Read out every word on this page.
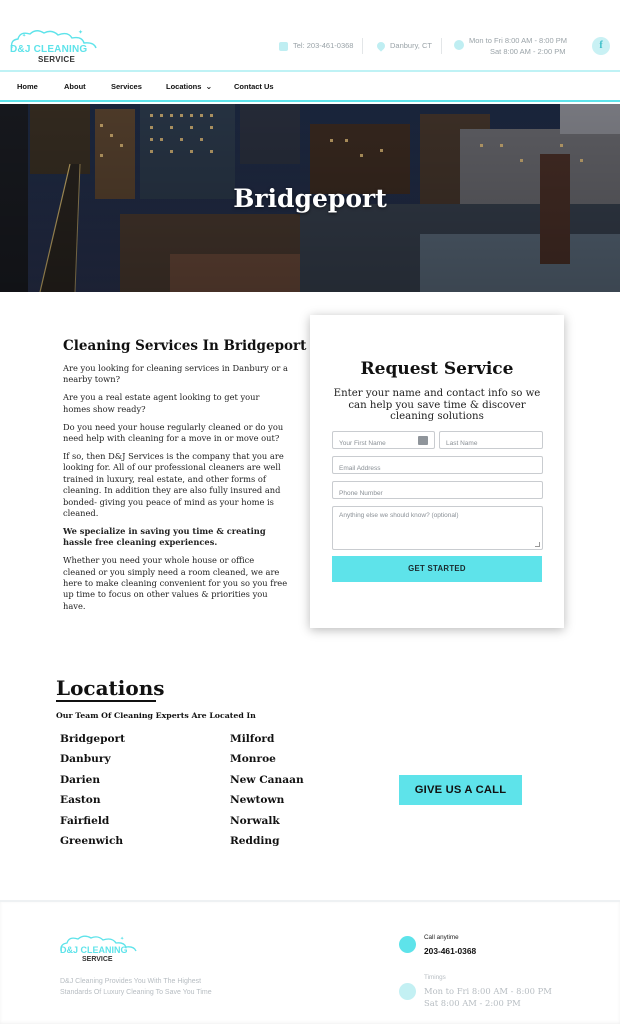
✦
✦
D&J CLEANING
SERVICE
Tel: 203-461-0368	Danbury, CT
Mon to Fri 8:00 AM - 8:00 PM
Sat 8:00 AM - 2:00 PM
f
Home	About	Services	Locations ⌄	Contact Us
Bridgeport
Cleaning Services In Bridgeport

Are you looking for cleaning services in Danbury or a nearby town?

Are you a real estate agent looking to get your homes show ready?

Do you need your house regularly cleaned or do you need help with cleaning for a move in or move out?

If so, then D&J Services is the company that you are looking for. All of our professional cleaners are well trained in luxury, real estate, and other forms of cleaning. In addition they are also fully insured and bonded- giving you peace of mind as your home is cleaned.

We specialize in saving you time & creating hassle free cleaning experiences.

Whether you need your whole house or office cleaned or you simply need a room cleaned, we are here to make cleaning convenient for you so you free up time to focus on other values & priorities you have.

Request Service
Enter your name and contact info so we can help you save time & discover cleaning solutions
Your First Name
Last Name
Email Address
Phone Number
Anything else we should know? (optional)
GET STARTED
Locations
Our Team Of Cleaning Experts Are Located In
Bridgeport
Danbury
Darien
Easton
Fairfield
Greenwich
Milford
Monroe
New Canaan
Newtown
Norwalk
Redding
GIVE US A CALL
✦
D&J CLEANING
SERVICE
D&J Cleaning Provides You With The Highest Standards Of Luxury Cleaning To Save You Time
Call anytime
203-461-0368
Timings
Mon to Fri 8:00 AM - 8:00 PM
Sat 8:00 AM - 2:00 PM
